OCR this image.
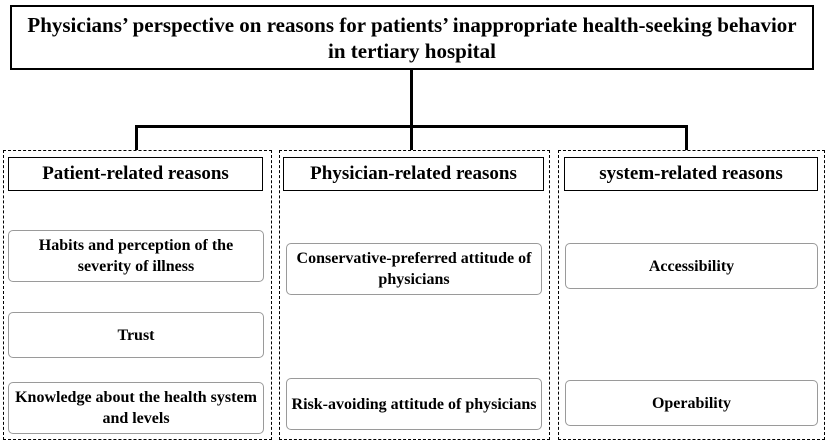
Physicians’ perspective on reasons for patients’ inappropriate health-seeking behavior in tertiary hospital
Patient-related reasons
Habits and perception of the severity of illness
Trust
Knowledge about the health system and levels
Physician-related reasons
Conservative-preferred attitude of physicians
Risk-avoiding attitude of physicians
system-related reasons
Accessibility
Operability
